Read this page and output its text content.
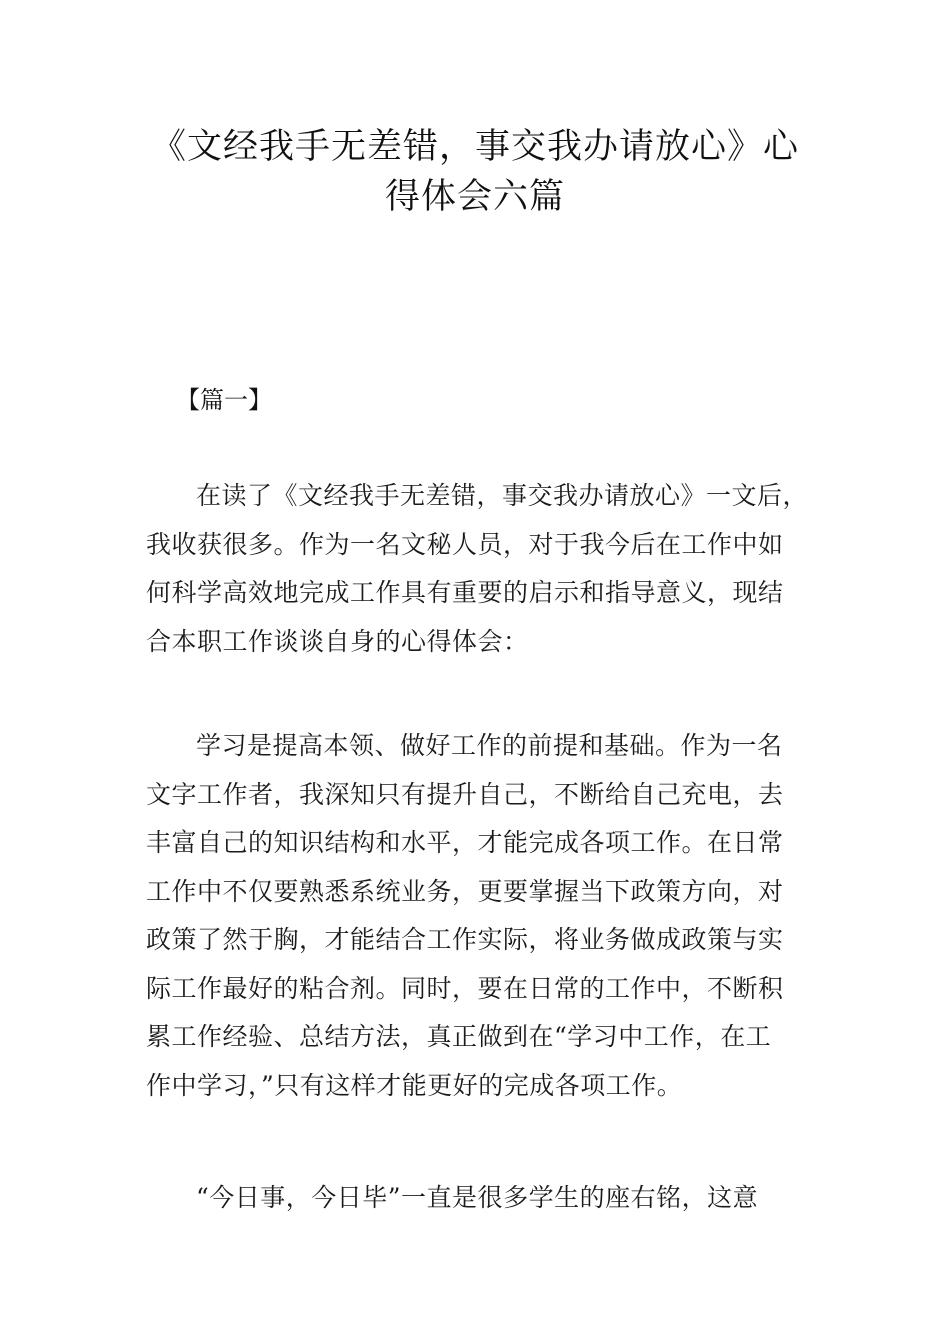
《文经我手无差错，事交我办请放心》心
得体会六篇
【篇一】
在读了《文经我手无差错，事交我办请放心》一文后，
我收获很多。作为一名文秘人员，对于我今后在工作中如
何科学高效地完成工作具有重要的启示和指导意义，现结
合本职工作谈谈自身的心得体会：
学习是提高本领、做好工作的前提和基础。作为一名
文字工作者，我深知只有提升自己，不断给自己充电，去
丰富自己的知识结构和水平，才能完成各项工作。在日常
工作中不仅要熟悉系统业务，更要掌握当下政策方向，对
政策了然于胸，才能结合工作实际，将业务做成政策与实
际工作最好的粘合剂。同时，要在日常的工作中，不断积
累工作经验、总结方法，真正做到在“学习中工作，在工
作中学习，”只有这样才能更好的完成各项工作。
“今日事，今日毕”一直是很多学生的座右铭，这意
